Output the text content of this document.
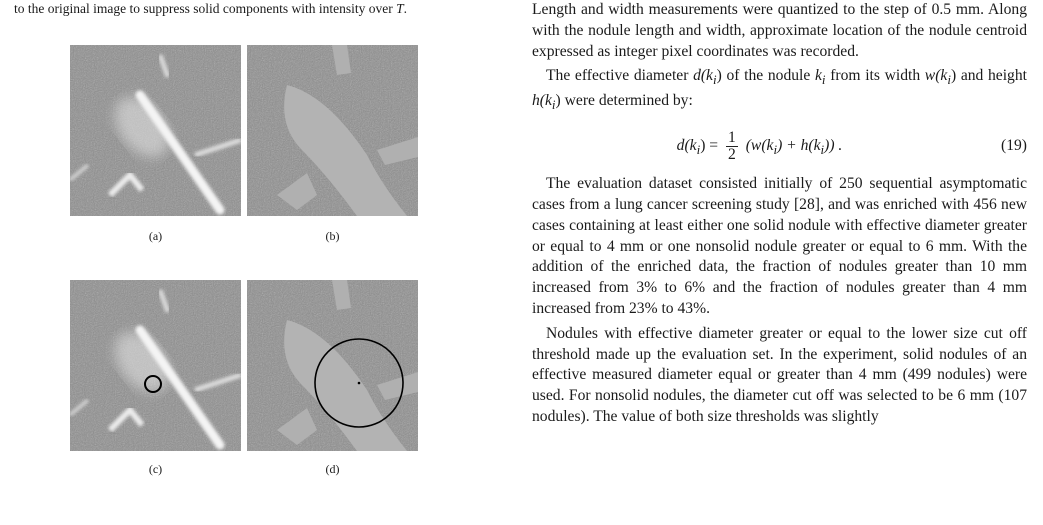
to the original image to suppress solid components with intensity over T.
(a)	(b)
(c)	(d)

Length and width measurements were quantized to the step of 0.5 mm. Along with the nodule length and width, approximate location of the nodule centroid expressed as integer pixel coordinates was recorded.

The effective diameter $d(k_i)$ of the nodule $k_i$ from its width $w(k_i)$ and height $h(k_i)$ were determined by:

$d(k_i) = \frac{1}{2} (w(k_i) + h(k_i))$ .	(19)

The evaluation dataset consisted initially of 250 sequential asymptomatic cases from a lung cancer screening study [28], and was enriched with 456 new cases containing at least either one solid nodule with effective diameter greater or equal to 4 mm or one nonsolid nodule greater or equal to 6 mm. With the addition of the enriched data, the fraction of nodules greater than 10 mm increased from 3% to 6% and the fraction of nodules greater than 4 mm increased from 23% to 43%.

Nodules with effective diameter greater or equal to the lower size cut off threshold made up the evaluation set. In the experiment, solid nodules of an effective measured diameter equal or greater than 4 mm (499 nodules) were used. For nonsolid nodules, the diameter cut off was selected to be 6 mm (107 nodules). The value of both size thresholds was slightly
